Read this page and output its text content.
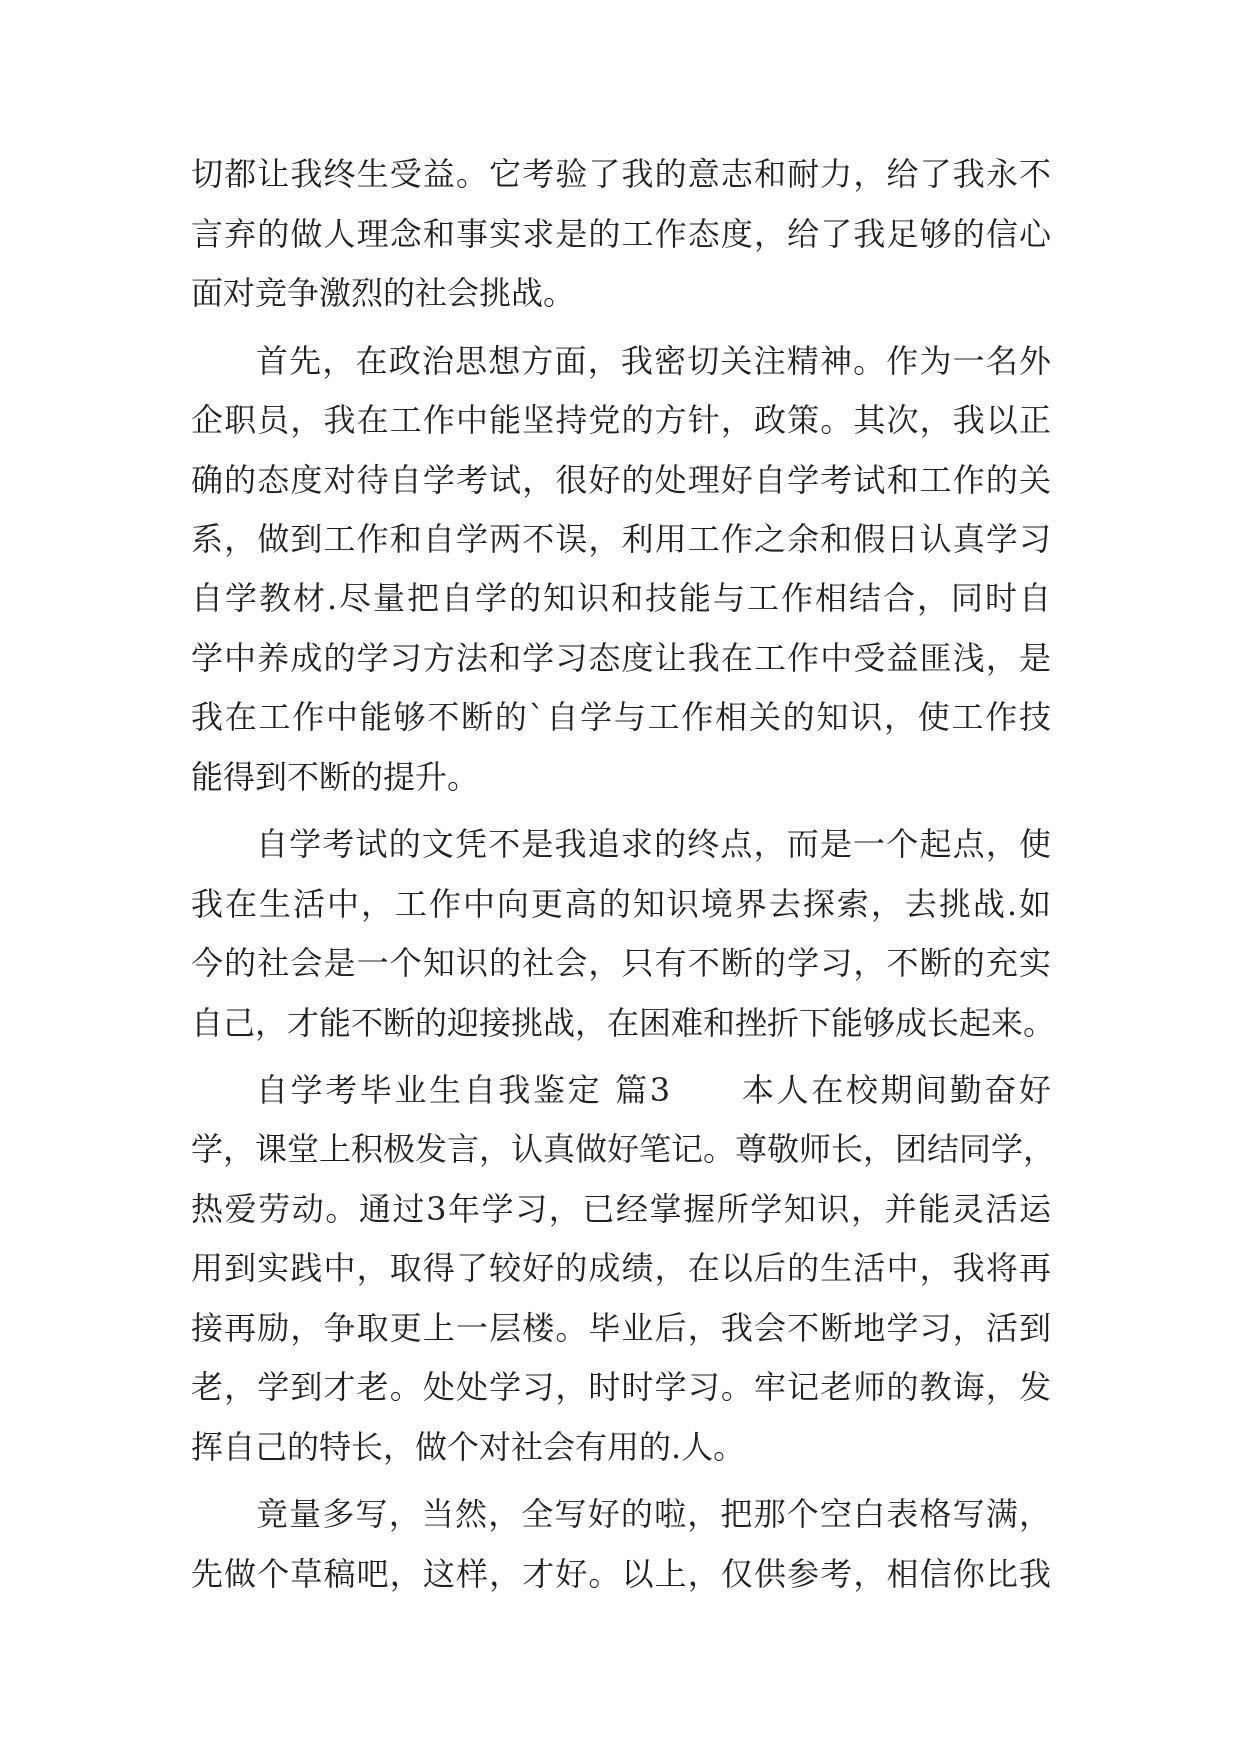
切都让我终生受益。它考验了我的意志和耐力，给了我永不
言弃的做人理念和事实求是的工作态度，给了我足够的信心
面对竞争激烈的社会挑战。
首先，在政治思想方面，我密切关注精神。作为一名外
企职员，我在工作中能坚持党的方针，政策。其次，我以正
确的态度对待自学考试，很好的处理好自学考试和工作的关
系，做到工作和自学两不误，利用工作之余和假日认真学习
自学教材.尽量把自学的知识和技能与工作相结合，同时自
学中养成的学习方法和学习态度让我在工作中受益匪浅，是
我在工作中能够不断的`自学与工作相关的知识，使工作技
能得到不断的提升。
自学考试的文凭不是我追求的终点，而是一个起点，使
我在生活中，工作中向更高的知识境界去探索，去挑战.如
今的社会是一个知识的社会，只有不断的学习，不断的充实
自己，才能不断的迎接挑战，在困难和挫折下能够成长起来。
自学考毕业生自我鉴定 篇3　　本人在校期间勤奋好
学，课堂上积极发言，认真做好笔记。尊敬师长，团结同学，
热爱劳动。通过3年学习，已经掌握所学知识，并能灵活运
用到实践中，取得了较好的成绩，在以后的生活中，我将再
接再励，争取更上一层楼。毕业后，我会不断地学习，活到
老，学到才老。处处学习，时时学习。牢记老师的教诲，发
挥自己的特长，做个对社会有用的.人。
竟量多写，当然，全写好的啦，把那个空白表格写满，
先做个草稿吧，这样，才好。以上，仅供参考，相信你比我
